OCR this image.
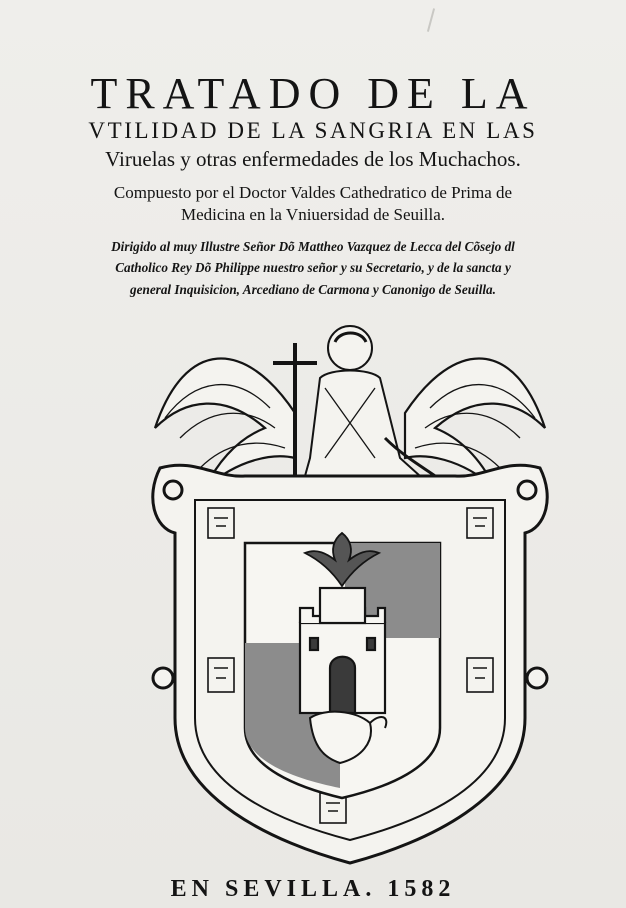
TRATADO DE LA
VTILIDAD DE LA SANGRIA EN LAS
Viruelas y otras enfermedades de los Muchachos.
Compuesto por el Doctor Valdes Cathedratico de Prima de
Medicina en la Vniuersidad de Seuilla.
Dirigido al muy Illustre Señor Dõ Mattheo Vazquez de Lecca del Cõsejo dl
Catholico Rey Dõ Philippe nuestro señor y su Secretario, y de la sancta y
general Inquisicion, Arcediano de Carmona y Canonigo de Seuilla.
EN SEVILLA. 1582
